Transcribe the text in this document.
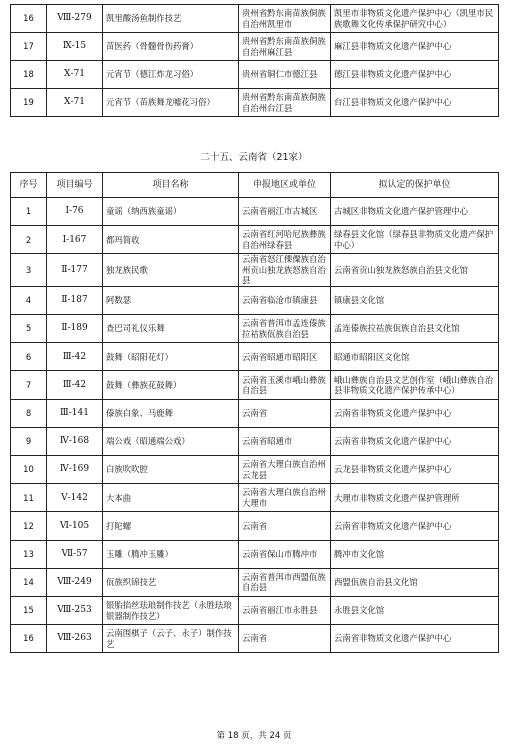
16	Ⅷ-279	凯里酸汤鱼制作技艺	贵州省黔东南苗族侗族自治州凯里市	凯里市非物质文化遗产保护中心（凯里市民族歌舞文化传承保护研究中心）
17	Ⅸ-15	苗医药（骨髓骨伤药膏）	贵州省黔东南苗族侗族自治州麻江县	麻江县非物质文化遗产保护中心
18	Ⅹ-71	元宵节（德江炸龙习俗）	贵州省铜仁市德江县	德江县非物质文化遗产保护中心
19	Ⅹ-71	元宵节（苗族舞龙嘘花习俗）	贵州省黔东南苗族侗族自治州台江县	台江县非物质文化遗产保护中心
二十五、云南省（21家）
序号	项目编号	项目名称	申报地区或单位	拟认定的保护单位
1	Ⅰ-76	童谣（纳西族童谣）	云南省丽江市古城区	古城区非物质文化遗产保护管理中心
2	Ⅰ-167	都玛简收	云南省红河哈尼族彝族自治州绿春县	绿春县文化馆（绿春县非物质文化遗产保护中心）
3	Ⅱ-177	独龙族民歌	云南省怒江傈僳族自治州贡山独龙族怒族自治县	云南省贡山独龙族怒族自治县文化馆
4	Ⅱ-187	阿数瑟	云南省临沧市镇康县	镇康县文化馆
5	Ⅱ-189	查巴司礼仪乐舞	云南省普洱市孟连傣族拉祜族佤族自治县	孟连傣族拉祜族佤族自治县文化馆
6	Ⅲ-42	鼓舞（昭阳花灯）	云南省昭通市昭阳区	昭通市昭阳区文化馆
7	Ⅲ-42	鼓舞（彝族花鼓舞）	云南省玉溪市峨山彝族自治县	峨山彝族自治县文艺创作室（峨山彝族自治县非物质文化遗产保护传承中心）
8	Ⅲ-141	傣族白象、马鹿舞	云南省	云南省非物质文化遗产保护中心
9	Ⅳ-168	端公戏（昭通端公戏）	云南省昭通市	云南省非物质文化遗产保护中心
10	Ⅳ-169	白族吹吹腔	云南省大理白族自治州云龙县	云龙县非物质文化遗产保护中心
11	Ⅴ-142	大本曲	云南省大理白族自治州大理市	大理市非物质文化遗产保护管理所
12	Ⅵ-105	打陀螺	云南省	云南省非物质文化遗产保护中心
13	Ⅶ-57	玉雕（腾冲玉雕）	云南省保山市腾冲市	腾冲市文化馆
14	Ⅷ-249	佤族织锦技艺	云南省普洱市西盟佤族自治县	西盟佤族自治县文化馆
15	Ⅷ-253	银胎掐丝珐琅制作技艺（永胜珐琅银器制作技艺）	云南省丽江市永胜县	永胜县文化馆
16	Ⅷ-263	云南围棋子（云子、永子）制作技艺	云南省	云南省非物质文化遗产保护中心
第 18 页，共 24 页
